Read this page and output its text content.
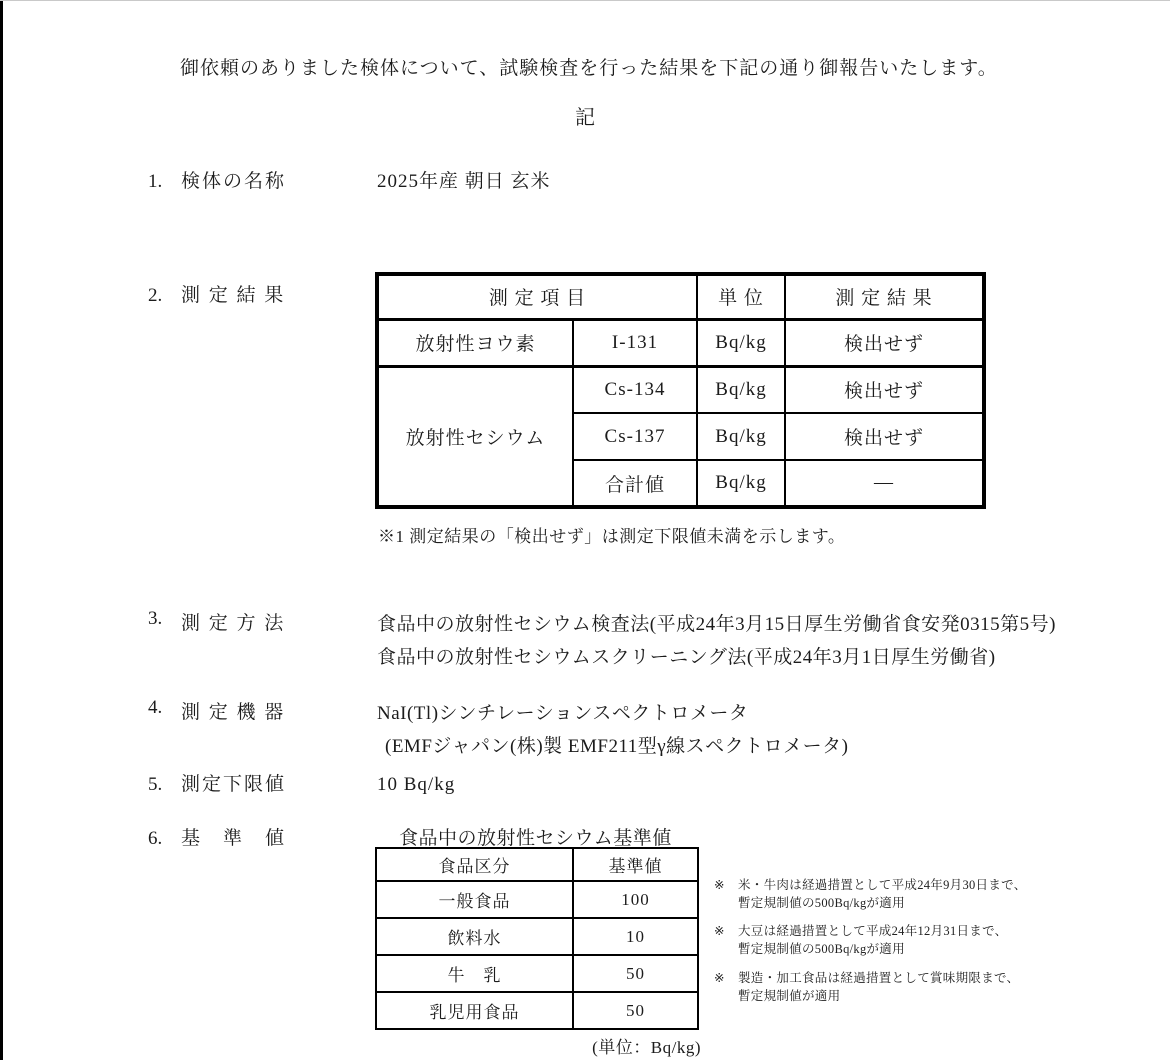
御依頼のありました検体について、試験検査を行った結果を下記の通り御報告いたします。

記
1. 検体の名称	2025年産 朝日 玄米
2. 測 定 結 果	測 定 項 目		単 位	測 定 結 果
放射性ヨウ素	I-131	Bq/kg	検出せず
放射性セシウム	Cs-134	Bq/kg	検出せず
	Cs-137	Bq/kg	検出せず
	合計値	Bq/kg	―
※1 測定結果の「検出せず」は測定下限値未満を示します。
3. 測 定 方 法	食品中の放射性セシウム検査法(平成24年3月15日厚生労働省食安発0315第5号)
食品中の放射性セシウムスクリーニング法(平成24年3月1日厚生労働省)
4. 測 定 機 器	NaI(Tl)シンチレーションスペクトロメータ
(EMFジャパン(株)製 EMF211型γ線スペクトロメータ)
5. 測定下限値	10 Bq/kg
6. 基　準　値	食品中の放射性セシウム基準値
食品区分	基準値
一般食品	100
飲料水	10
牛　乳	50
乳児用食品	50
(単位：Bq/kg)
※	米・牛肉は経過措置として平成24年9月30日まで、
暫定規制値の500Bq/kgが適用
※	大豆は経過措置として平成24年12月31日まで、
暫定規制値の500Bq/kgが適用
※	製造・加工食品は経過措置として賞味期限まで、
暫定規制値が適用
